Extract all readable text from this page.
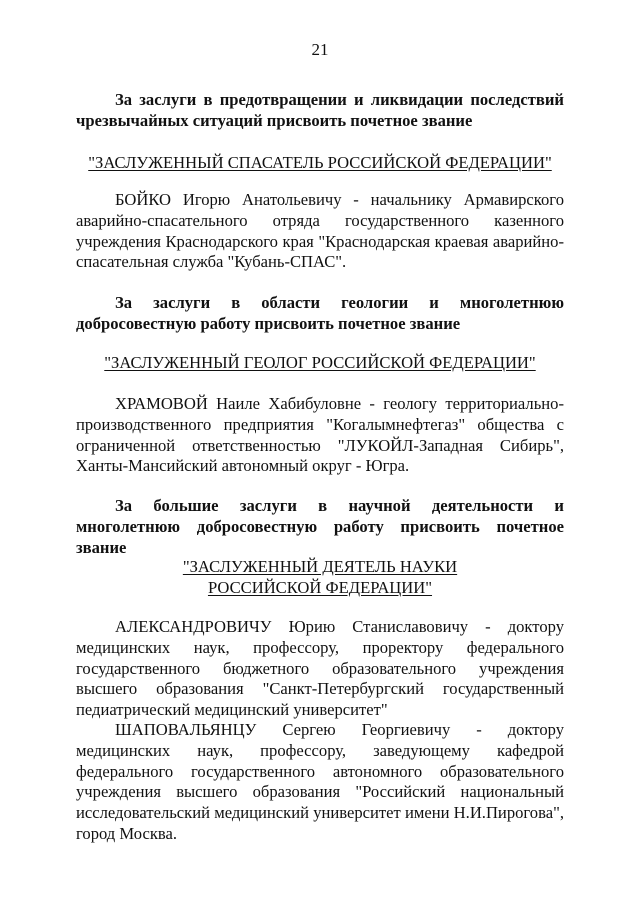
21
За заслуги в предотвращении и ликвидации последствий чрезвычайных ситуаций присвоить почетное звание
"ЗАСЛУЖЕННЫЙ СПАСАТЕЛЬ РОССИЙСКОЙ ФЕДЕРАЦИИ"
БОЙКО Игорю Анатольевичу - начальнику Армавирского аварийно-спасательного отряда государственного казенного учреждения Краснодарского края "Краснодарская краевая аварийно-спасательная служба "Кубань-СПАС".
За заслуги в области геологии и многолетнюю добросовестную работу присвоить почетное звание
"ЗАСЛУЖЕННЫЙ ГЕОЛОГ РОССИЙСКОЙ ФЕДЕРАЦИИ"
ХРАМОВОЙ Наиле Хабибуловне - геологу территориально-производственного предприятия "Когалымнефтегаз" общества с ограниченной ответственностью "ЛУКОЙЛ-Западная Сибирь", Ханты-Мансийский автономный округ - Югра.
За большие заслуги в научной деятельности и многолетнюю добросовестную работу присвоить почетное звание
"ЗАСЛУЖЕННЫЙ ДЕЯТЕЛЬ НАУКИ
РОССИЙСКОЙ ФЕДЕРАЦИИ"
АЛЕКСАНДРОВИЧУ Юрию Станиславовичу - доктору медицинских наук, профессору, проректору федерального государственного бюджетного образовательного учреждения высшего образования "Санкт-Петербургский государственный педиатрический медицинский университет"
ШАПОВАЛЬЯНЦУ Сергею Георгиевичу - доктору медицинских наук, профессору, заведующему кафедрой федерального государственного автономного образовательного учреждения высшего образования "Российский национальный исследовательский медицинский университет имени Н.И.Пирогова", город Москва.
